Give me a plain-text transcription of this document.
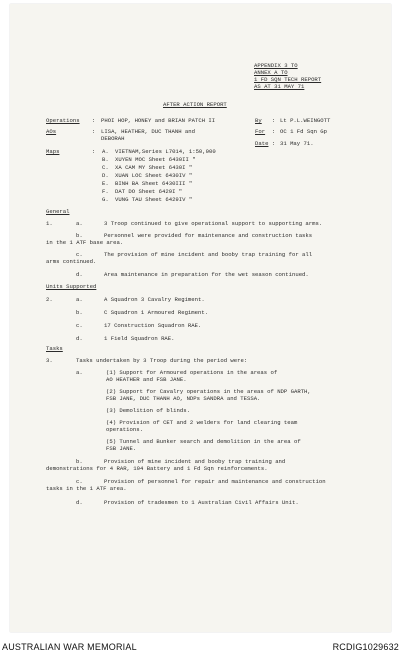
APPENDIX 3 TO
ANNEX A TO
1 FD SQN TECH REPORT
AS AT 31 MAY 71
AFTER ACTION REPORT
Operations : PHOI HOP, HONEY and BRIAN PATCH II
AOs	: LISA, HEATHER, DUC THANH and
DEBORAH
By : Lt P.L.WEINGOTT
For : OC 1 Fd Sqn Gp
Date : 31 May 71.
Maps	: A. VIETNAM,Series L7014, 1:50,000
B. XUYEN MOC Sheet 6430II "
C. XA CAM MY Sheet 6430I "
D. XUAN LOC Sheet 6430IV "
E. BINH BA Sheet 6430III "
F. DAT DO Sheet 6429I "
G. VUNG TAU Sheet 6429IV "
General
1.	a.	3 Troop continued to give operational support to supporting arms.
b.	Personnel were provided for maintenance and construction tasks
in the 1 ATF base area.
c.	The provision of mine incident and booby trap training for all
arms continued.
d.	Area maintenance in preparation for the wet season continued.
Units Supported
2.	a.	A Squadron 3 Cavalry Regiment.
b.	C Squadron 1 Armoured Regiment.
c.	17 Construction Squadron RAE.
d.	1 Field Squadron RAE.
Tasks
3.	Tasks undertaken by 3 Troop during the period were:
a.	(1) Support for Armoured operations in the areas of
AO HEATHER and FSB JANE.
(2) Support for Cavalry operations in the areas of NDP GARTH,
FSB JANE, DUC THANH AO, NDPs SANDRA and TESSA.
(3) Demolition of blinds.
(4) Provision of CET and 2 welders for land clearing team
operations.
(5) Tunnel and Bunker search and demolition in the area of
FSB JANE.
b.	Provision of mine incident and booby trap training and
demonstrations for 4 RAR, 104 Battery and 1 Fd Sqn reinforcements.
c.	Provision of personnel for repair and maintenance and construction
tasks in the 1 ATF area.
d.	Provision of tradesmen to 1 Australian Civil Affairs Unit.
AUSTRALIAN WAR MEMORIAL	RCDIG1029632
